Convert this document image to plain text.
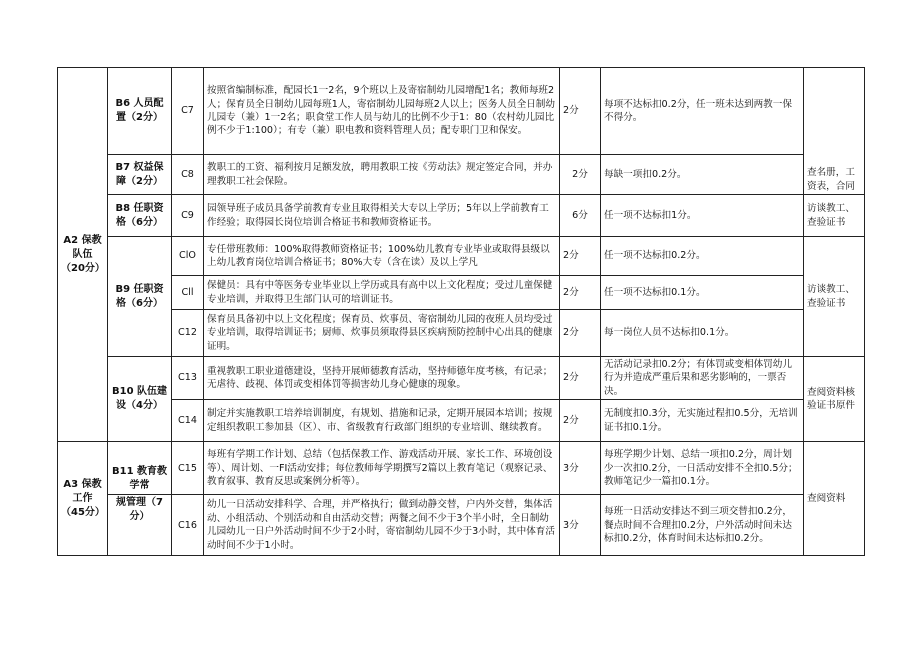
A2 保教队伍（20分）	B6 人员配置（2分）	C7	按照省编制标准，配园长1一2名，9个班以上及寄宿制幼儿园增配1名；教师每班2人；保育员全日制幼儿园每班1人，寄宿制幼儿园每班2人以上；医务人员全日制幼儿园专（兼）1一2名；职食堂工作人员与幼儿的比例不少于1：80（农村幼儿园比例不少于1:100）；有专（兼）职电教和资料管理人员；配专职门卫和保安。	2分	每项不达标扣0.2分，任一班未达到两教一保不得分。	查名册，工资表，合同
	B7 权益保障（2分）	C8	教职工的工资、福利按月足额发放，聘用教职工按《劳动法》规定签定合同，并办理教职工社会保险。	2分	每缺一项扣0.2分。	
	B8 任职资格（6分）	C9	园领导班子成员具备学前教育专业且取得相关大专以上学历；5年以上学前教育工作经验；取得园长岗位培训合格证书和教师资格证书。	6分	任一项不达标扣1分。	访谈教工、查验证书
	B9 任职资格（6分）	ClO	专任带班教师：100%取得教师资格证书；100%幼儿教育专业毕业或取得县级以上幼儿教育岗位培训合格证书；80%大专（含在读）及以上学凡	2分	任一项不达标扣0.2分。	访谈教工、查验证书
		Cll	保健员：具有中等医务专业毕业以上学历或具有高中以上文化程度；受过儿童保健专业培训，并取得卫生部门认可的培训证书。	2分	任一项不达标扣0.1分。	
		C12	保育员具备初中以上文化程度；保育员、炊事员、寄宿制幼儿园的夜班人员均受过专业培训，取得培训证书；厨师、炊事员须取得县区疾病预防控制中心出具的健康证明。	2分	每一岗位人员不达标扣0.1分。	
	B10 队伍建设（4分）	C13	重视教职工职业道德建设，坚持开展师德教育活动，坚持师德年度考核，有记录；无虐待、歧视、体罚或变相体罚等损害幼儿身心健康的现象。	2分	无活动记录扣0.2分；有体罚或变相体罚幼儿行为并造成严重后果和恶劣影响的，一票否决。	查阅资料核验证书原件
		C14	制定并实施教职工培养培训制度，有规划、措施和记录，定期开展园本培训；按规定组织教职工参加县（区）、市、省级教育行政部门组织的专业培训、继续教育。	2分	无制度扣0.3分，无实施过程扣0.5分，无培训证书扣0.1分。	
A3 保教工作（45分）	B11 教育教学常	C15	每班有学期工作计划、总结（包括保教工作、游戏活动开展、家长工作、环境创设等）、周计划、一FI活动安排；每位教师每学期撰写2篇以上教育笔记（观察记录、教育叙事、教育反思或案例分析等）。	3分	每班学期少计划、总结一项扣0.2分，周计划少一次扣0.2分，一日活动安排不全扣0.5分；教师笔记少一篇扣0.1分。	查阅资料
	规管理（7分）	C16	幼儿一日活动安排科学、合理，并严格执行；做到动静交替，户内外交替，集体活动、小组活动、个别活动和自由活动交替；两餐之间不少于3个半小时，全日制幼儿园幼儿一日户外活动时间不少于2小时，寄宿制幼儿园不少于3小时，其中体育活动时间不少于1小时。	3分	每班一日活动安排达不到三项交替扣0.2分，餐点时间不合理扣0.2分，户外活动时间未达标扣0.2分，体育时间未达标扣0.2分。	
